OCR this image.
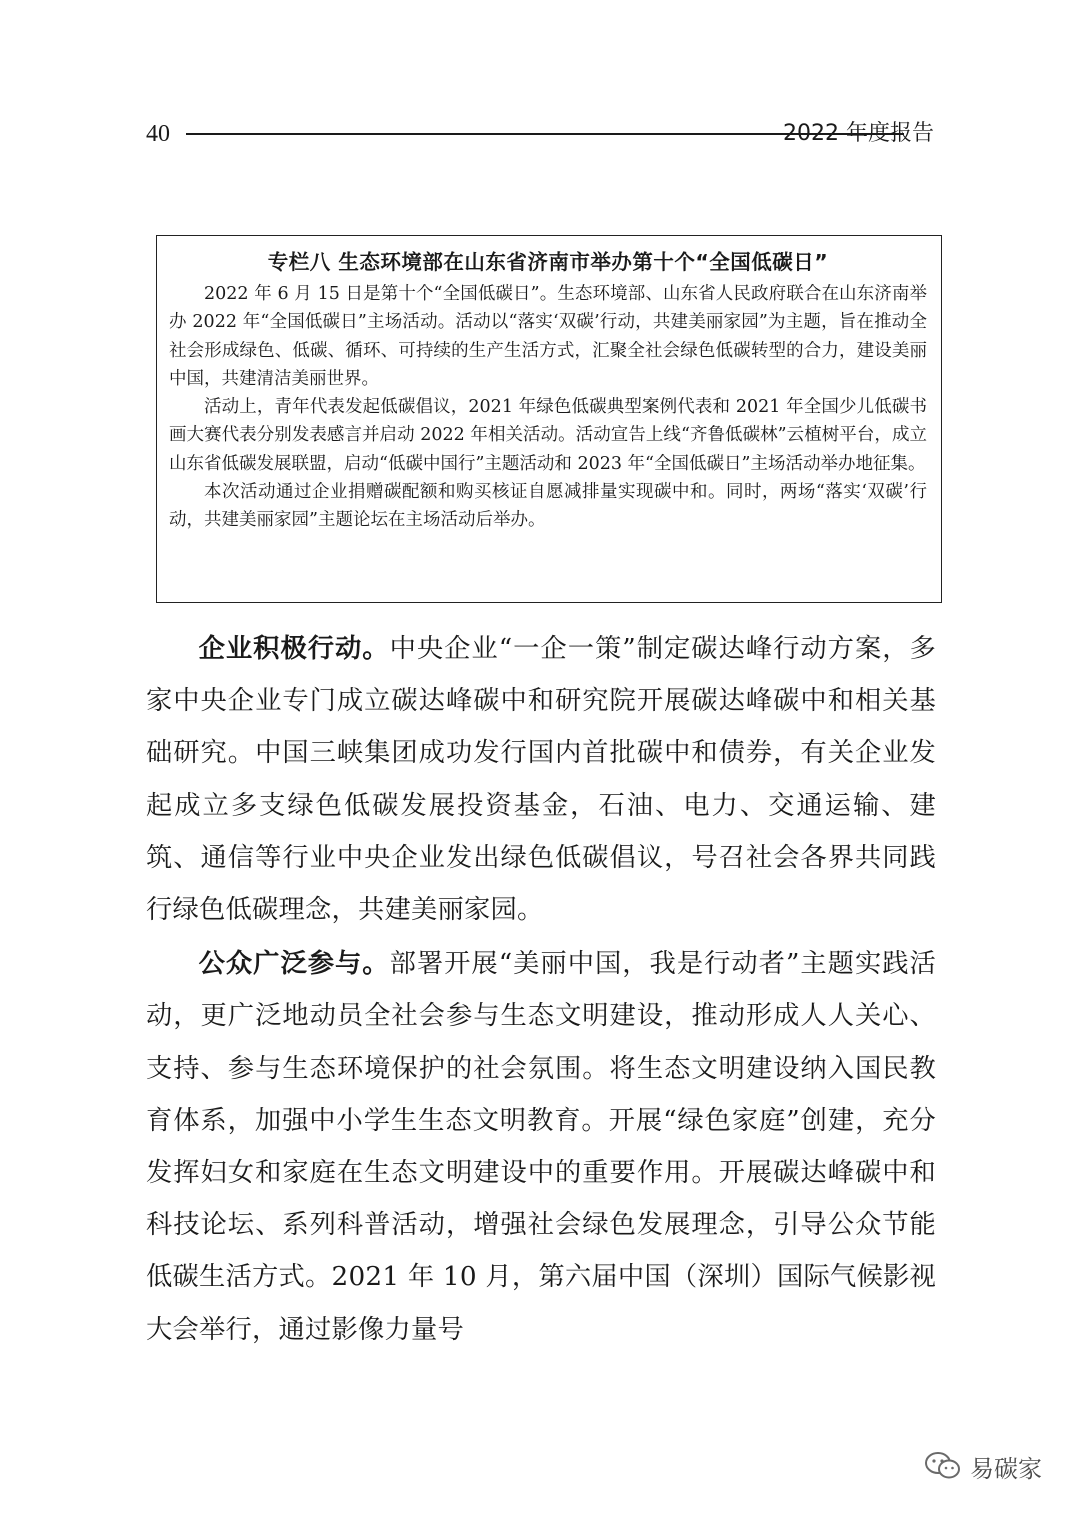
40	2022 年度报告
专栏八 生态环境部在山东省济南市举办第十个“全国低碳日”

2022 年 6 月 15 日是第十个“全国低碳日”。生态环境部、山东省人民政府联合在山东济南举办 2022 年“全国低碳日”主场活动。活动以“落实‘双碳’行动，共建美丽家园”为主题，旨在推动全社会形成绿色、低碳、循环、可持续的生产生活方式，汇聚全社会绿色低碳转型的合力，建设美丽中国，共建清洁美丽世界。

活动上，青年代表发起低碳倡议，2021 年绿色低碳典型案例代表和 2021 年全国少儿低碳书画大赛代表分别发表感言并启动 2022 年相关活动。活动宣告上线“齐鲁低碳林”云植树平台，成立山东省低碳发展联盟，启动“低碳中国行”主题活动和 2023 年“全国低碳日”主场活动举办地征集。

本次活动通过企业捐赠碳配额和购买核证自愿减排量实现碳中和。同时，两场“落实‘双碳’行动，共建美丽家园”主题论坛在主场活动后举办。

企业积极行动。中央企业“一企一策”制定碳达峰行动方案，多家中央企业专门成立碳达峰碳中和研究院开展碳达峰碳中和相关基础研究。中国三峡集团成功发行国内首批碳中和债券，有关企业发起成立多支绿色低碳发展投资基金，石油、电力、交通运输、建筑、通信等行业中央企业发出绿色低碳倡议，号召社会各界共同践行绿色低碳理念，共建美丽家园。

公众广泛参与。部署开展“美丽中国，我是行动者”主题实践活动，更广泛地动员全社会参与生态文明建设，推动形成人人关心、支持、参与生态环境保护的社会氛围。将生态文明建设纳入国民教育体系，加强中小学生生态文明教育。开展“绿色家庭”创建，充分发挥妇女和家庭在生态文明建设中的重要作用。开展碳达峰碳中和科技论坛、系列科普活动，增强社会绿色发展理念，引导公众节能低碳生活方式。2021 年 10 月，第六届中国（深圳）国际气候影视大会举行，通过影像力量号

易碳家
